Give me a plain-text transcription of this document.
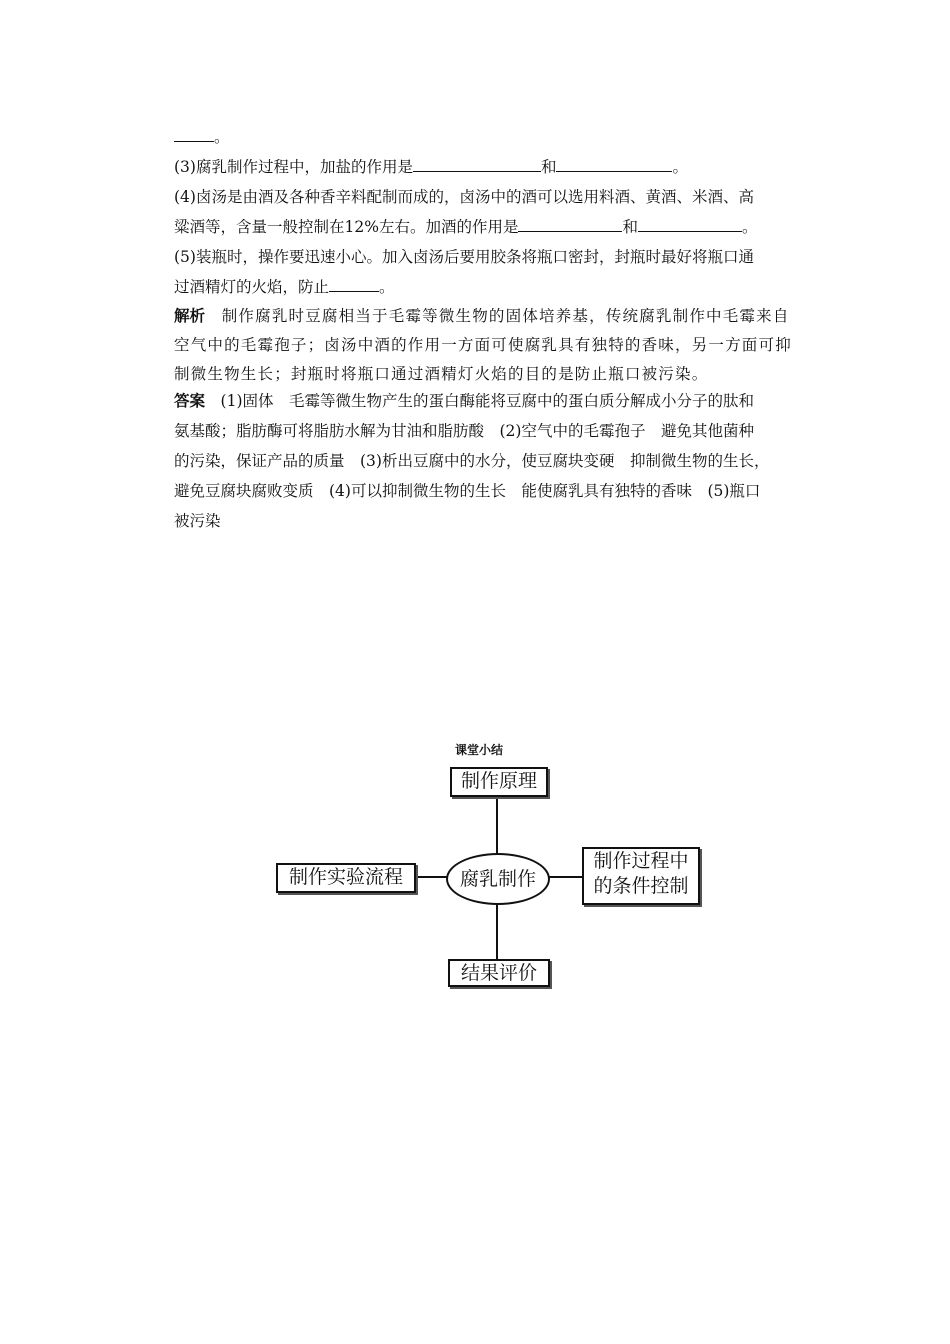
。
(3)腐乳制作过程中，加盐的作用是	和	。
(4)卤汤是由酒及各种香辛料配制而成的，卤汤中的酒可以选用料酒、黄酒、米酒、高
粱酒等，含量一般控制在12%左右。加酒的作用是	和	。
(5)装瓶时，操作要迅速小心。加入卤汤后要用胶条将瓶口密封，封瓶时最好将瓶口通
过酒精灯的火焰，防止	。
解析　 制作腐乳时豆腐相当于毛霉等微生物的固体培养基，传统腐乳制作中毛霉来自
空气中的毛霉孢子；卤汤中酒的作用一方面可使腐乳具有独特的香味，另一方面可抑
制微生物生长；封瓶时将瓶口通过酒精灯火焰的目的是防止瓶口被污染。
答案　 (1)固体　毛霉等微生物产生的蛋白酶能将豆腐中的蛋白质分解成小分子的肽和
氨基酸；脂肪酶可将脂肪水解为甘油和脂肪酸　(2)空气中的毛霉孢子　避免其他菌种
的污染，保证产品的质量　(3)析出豆腐中的水分，使豆腐块变硬　抑制微生物的生长，
避免豆腐块腐败变质　(4)可以抑制微生物的生长　能使腐乳具有独特的香味　(5)瓶口
被污染
课堂小结
制作原理
制作实验流程
制作过程中
的条件控制
结果评价
腐乳制作
